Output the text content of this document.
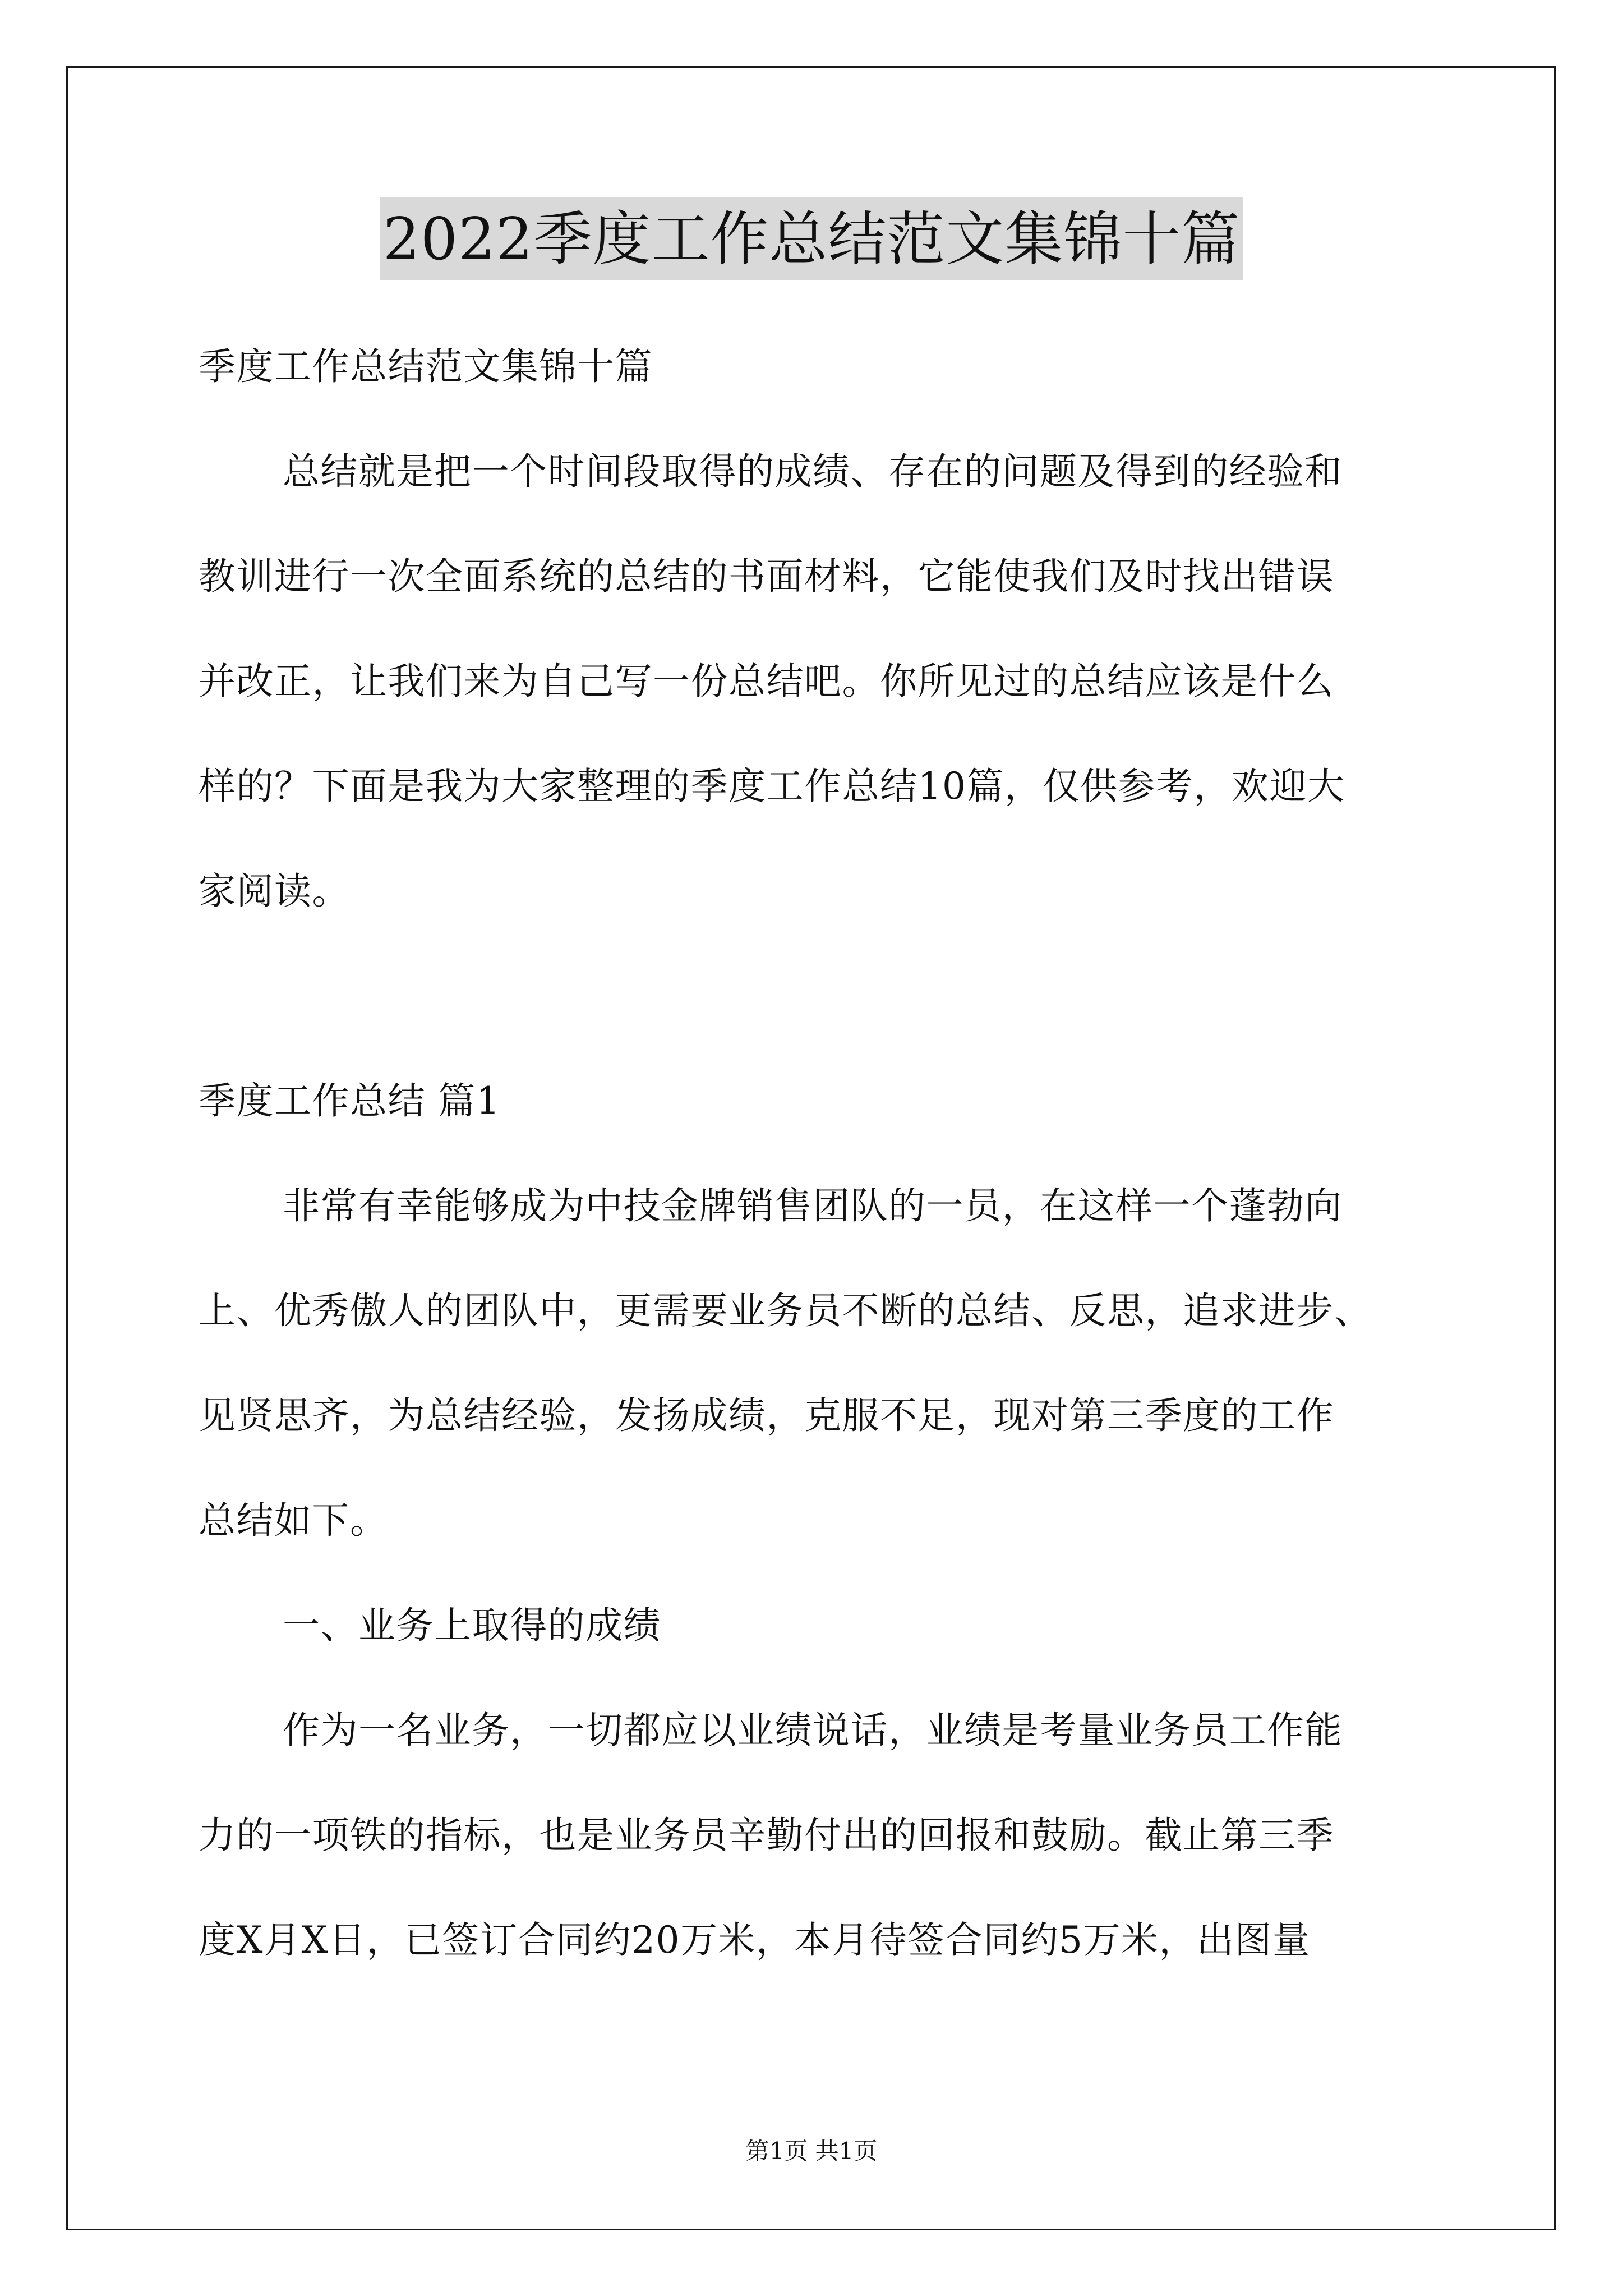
2022季度工作总结范文集锦十篇
季度工作总结范文集锦十篇
总结就是把一个时间段取得的成绩、存在的问题及得到的经验和
教训进行一次全面系统的总结的书面材料，它能使我们及时找出错误
并改正，让我们来为自己写一份总结吧。你所见过的总结应该是什么
样的？下面是我为大家整理的季度工作总结10篇，仅供参考，欢迎大
家阅读。
季度工作总结 篇1
非常有幸能够成为中技金牌销售团队的一员，在这样一个蓬勃向
上、优秀傲人的团队中，更需要业务员不断的总结、反思，追求进步、
见贤思齐，为总结经验，发扬成绩，克服不足，现对第三季度的工作
总结如下。
一、业务上取得的成绩
作为一名业务，一切都应以业绩说话，业绩是考量业务员工作能
力的一项铁的指标，也是业务员辛勤付出的回报和鼓励。截止第三季
度X月X日，已签订合同约20万米，本月待签合同约5万米，出图量
第1页 共1页
